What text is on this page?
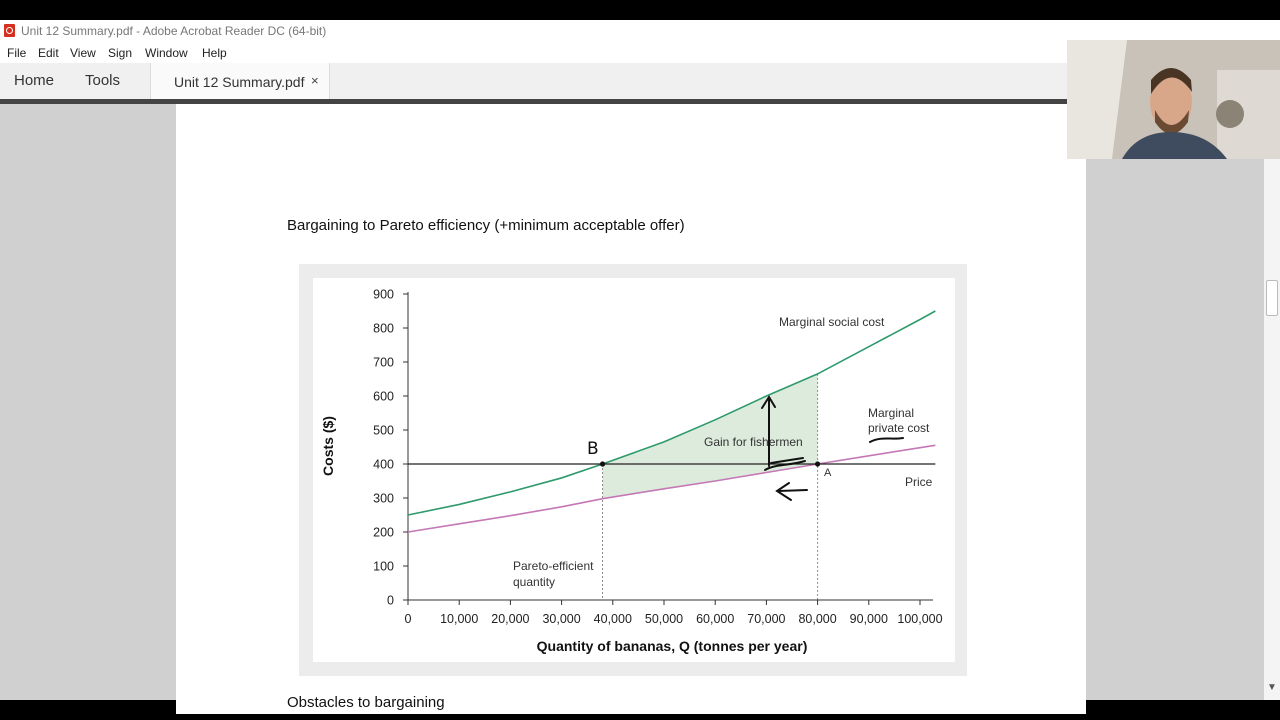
Unit 12 Summary.pdf - Adobe Acrobat Reader DC (64-bit)
File Edit View Sign Window Help
Home Tools	Unit 12 Summary.pdf ×
▼
Bargaining to Pareto efficiency (+minimum acceptable offer)
Obstacles to bargaining
0 10,000 20,000 30,000 40,000 50,000 60,000 70,000 80,000 90,000 100,000
0
100
200
300
400
500
600
700
800
900
Marginal social cost
Marginal
private cost
Price
Gain for fishermen
Pareto-efficient
quantity
A
Costs ($)
Quantity of bananas, Q (tonnes per year)
B
